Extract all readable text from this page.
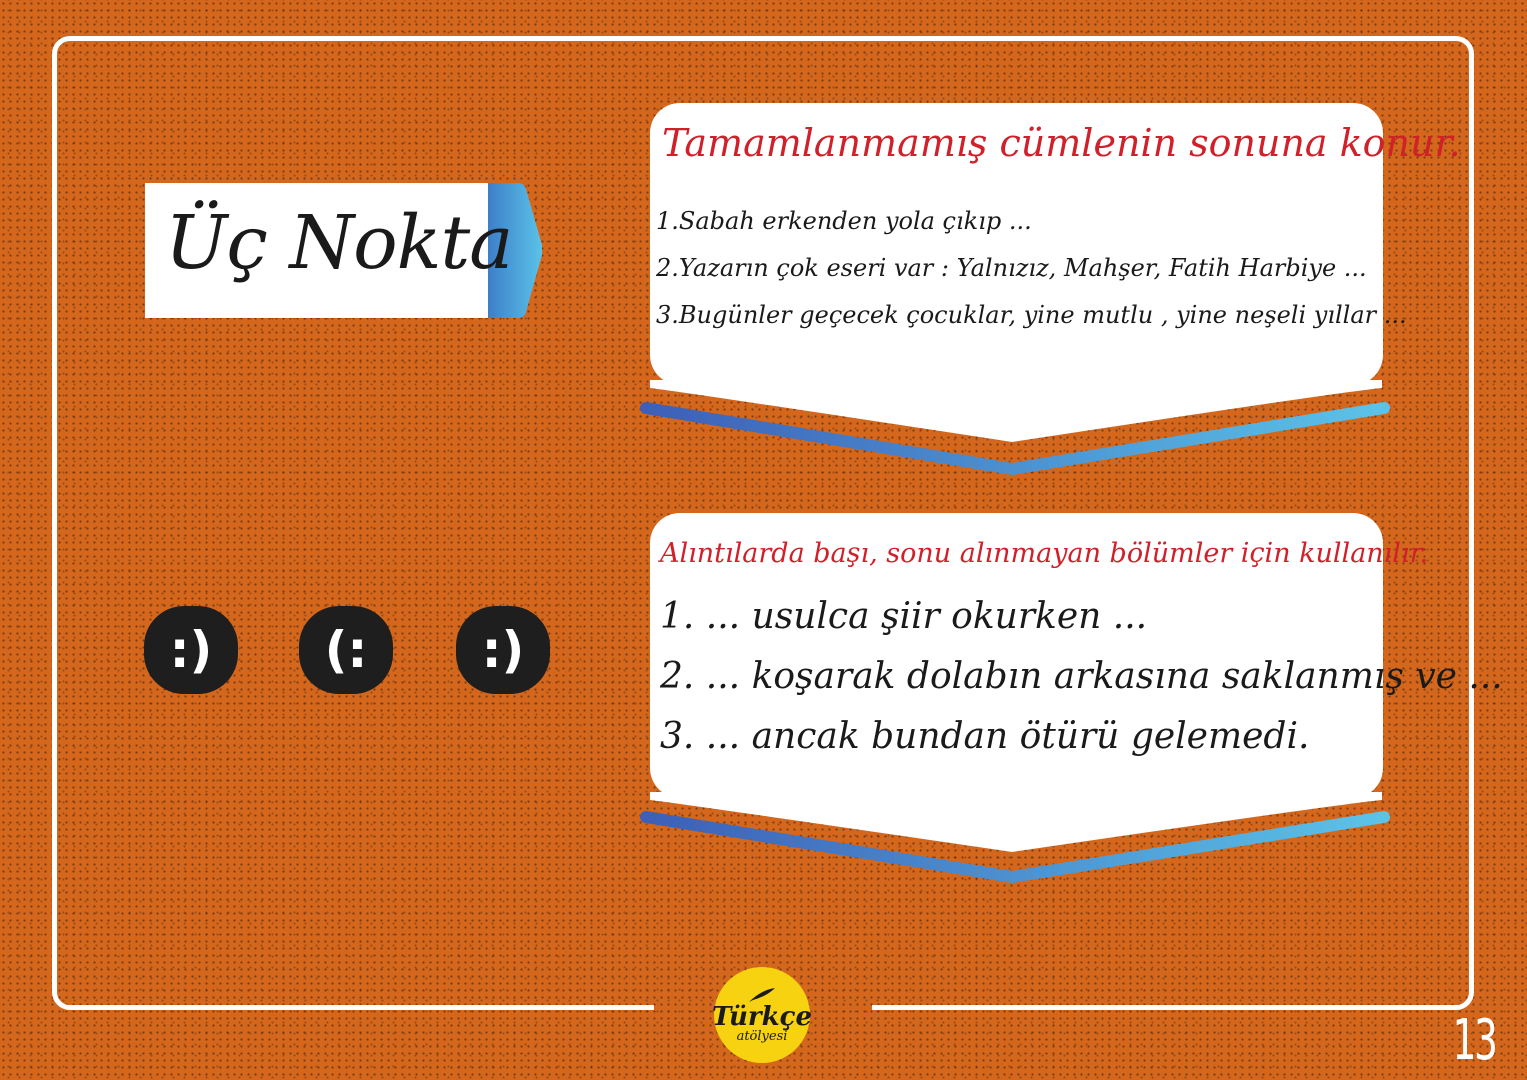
Üç Nokta
:)	(:	:)
Tamamlanmamış cümlenin sonuna konur.
1.Sabah erkenden yola çıkıp ...
2.Yazarın çok eseri var : Yalnızız, Mahşer, Fatih Harbiye ...
3.Bugünler geçecek çocuklar, yine mutlu , yine neşeli yıllar ...
Alıntılarda başı, sonu alınmayan bölümler için kullanılır.
1. ... usulca şiir okurken ...
2. ... koşarak dolabın arkasına saklanmış ve ...
3. ... ancak bundan ötürü gelemedi.
Türkçe
atölyesi	13
